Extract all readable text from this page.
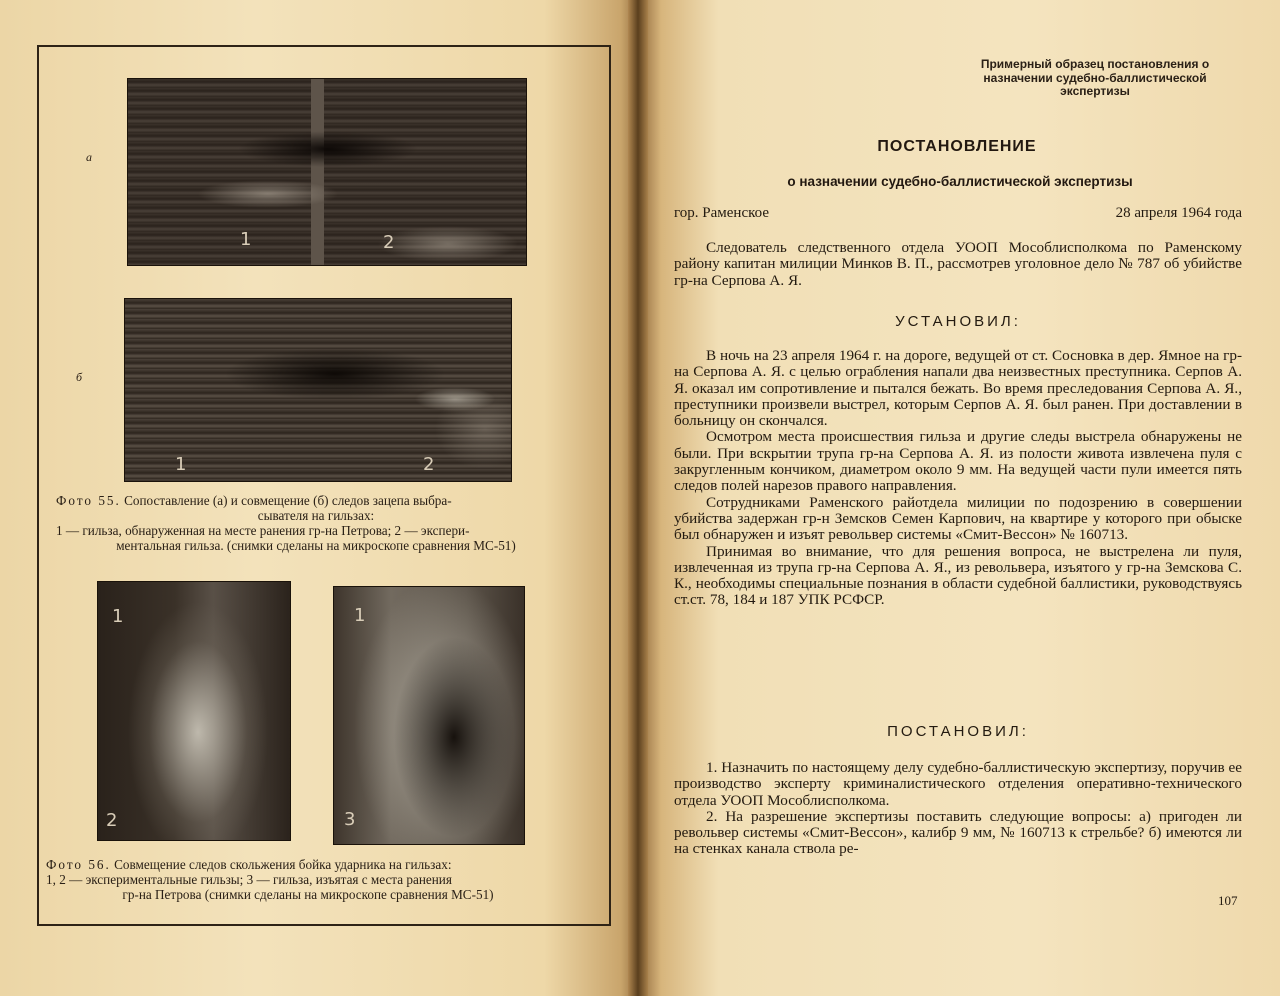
а
1	2
б
1	2
Фото 55. Сопоставление (а) и совмещение (б) следов зацепа выбра-
сывателя на гильзах:
1 — гильза, обнаруженная на месте ранения гр-на Петрова; 2 — экспери-
ментальная гильза. (снимки сделаны на микроскопе сравнения МС-51)
1
2
1
3
Фото 56. Совмещение следов скольжения бойка ударника на гильзах:
1, 2 — экспериментальные гильзы; 3 — гильза, изъятая с места ранения
гр-на Петрова (снимки сделаны на микроскопе сравнения МС-51)
Примерный образец постановления о
назначении судебно-баллистической
экспертизы
ПОСТАНОВЛЕНИЕ
о назначении судебно-баллистической экспертизы
гор. Раменское	28 апреля 1964 года

Следователь следственного отдела УООП Мособлисполкома по Раменскому району капитан милиции Минков В. П., рассмотрев уголовное дело № 787 об убийстве гр-на Серпова А. Я.

УСТАНОВИЛ:

В ночь на 23 апреля 1964 г. на дороге, ведущей от ст. Сосновка в дер. Ямное на гр-на Серпова А. Я. с целью ограбления напали два неизвестных преступника. Серпов А. Я. оказал им сопротивление и пытался бежать. Во время преследования Серпова А. Я., преступники произвели выстрел, которым Серпов А. Я. был ранен. При доставлении в больницу он скончался.

Осмотром места происшествия гильза и другие следы выстрела обнаружены не были. При вскрытии трупа гр-на Серпова А. Я. из полости живота извлечена пуля с закругленным кончиком, диаметром около 9 мм. На ведущей части пули имеется пять следов полей нарезов правого направления.

Сотрудниками Раменского райотдела милиции по подозрению в совершении убийства задержан гр-н Земсков Семен Карпович, на квартире у которого при обыске был обнаружен и изъят револьвер системы «Смит-Вессон» № 160713.

Принимая во внимание, что для решения вопроса, не выстрелена ли пуля, извлеченная из трупа гр-на Серпова А. Я., из револьвера, изъятого у гр-на Земскова С. К., необходимы специальные познания в области судебной баллистики, руководствуясь ст.ст. 78, 184 и 187 УПК РСФСР.

ПОСТАНОВИЛ:

1. Назначить по настоящему делу судебно-баллистическую экспертизу, поручив ее производство эксперту криминалистического отделения оперативно-технического отдела УООП Мособлисполкома.

2. На разрешение экспертизы поставить следующие вопросы: а) пригоден ли револьвер системы «Смит-Вессон», калибр 9 мм, № 160713 к стрельбе? б) имеются ли на стенках канала ствола ре-

107
